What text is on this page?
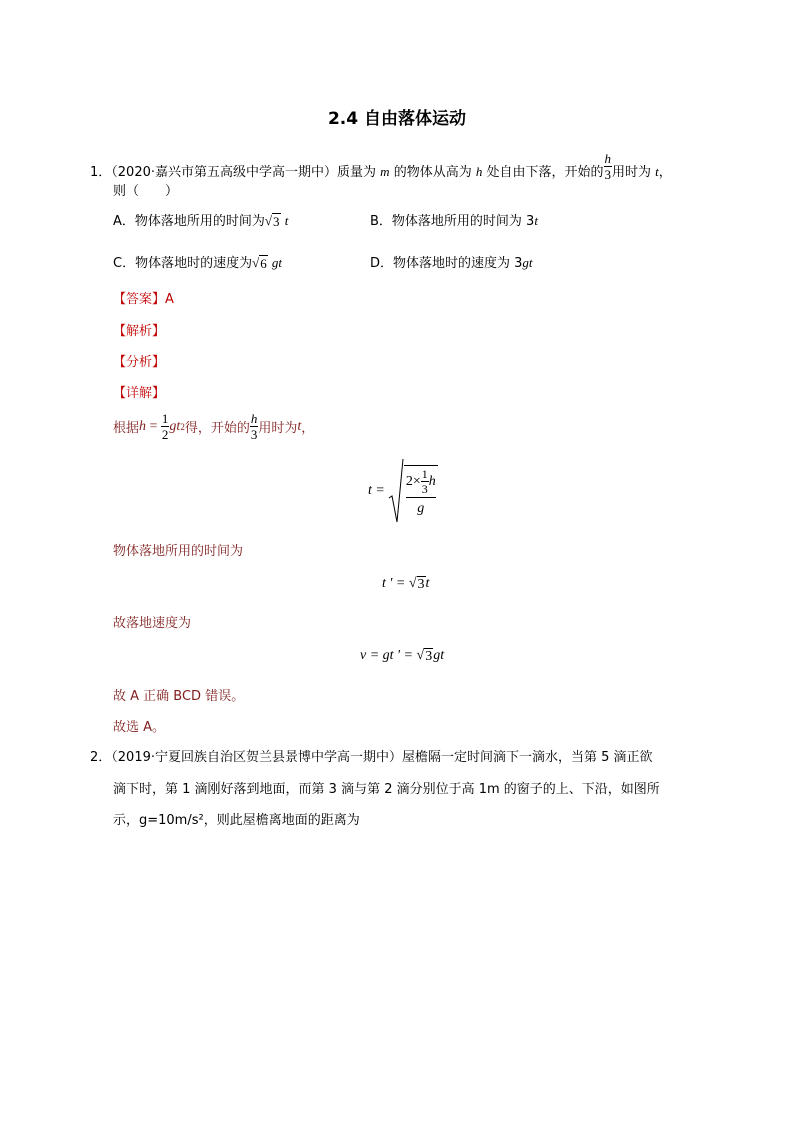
2.4 自由落体运动
1．（2020·嘉兴市第五高级中学高一期中）质量为 m 的物体从高为 h 处自由下落，开始的 $\frac{h}{3}$ 用时为 t，
则（　　）
A．物体落地所用的时间为 √ 3 t	B．物体落地所用的时间为 3t
C．物体落地时的速度为 √ 6 gt	D．物体落地时的速度为 3gt
【答案】A
【解析】
【分析】
【详解】
根据 $h = \frac{1}{2}$ gt 2 得，开始的 $\frac{h}{3}$ 用时为 t ，
$t = \frac{2\times \frac{1}{3} h}{g}$
物体落地所用的时间为
t ' = √ 3 t
故落地速度为
v = gt ' = √ 3 gt
故 A 正确 BCD 错误。
故选 A。
2．（2019·宁夏回族自治区贺兰县景博中学高一期中）屋檐隔一定时间滴下一滴水，当第 5 滴正欲
滴下时，第 1 滴刚好落到地面，而第 3 滴与第 2 滴分别位于高 1m 的窗子的上、下沿，如图所
示，g=10m/s²，则此屋檐离地面的距离为
